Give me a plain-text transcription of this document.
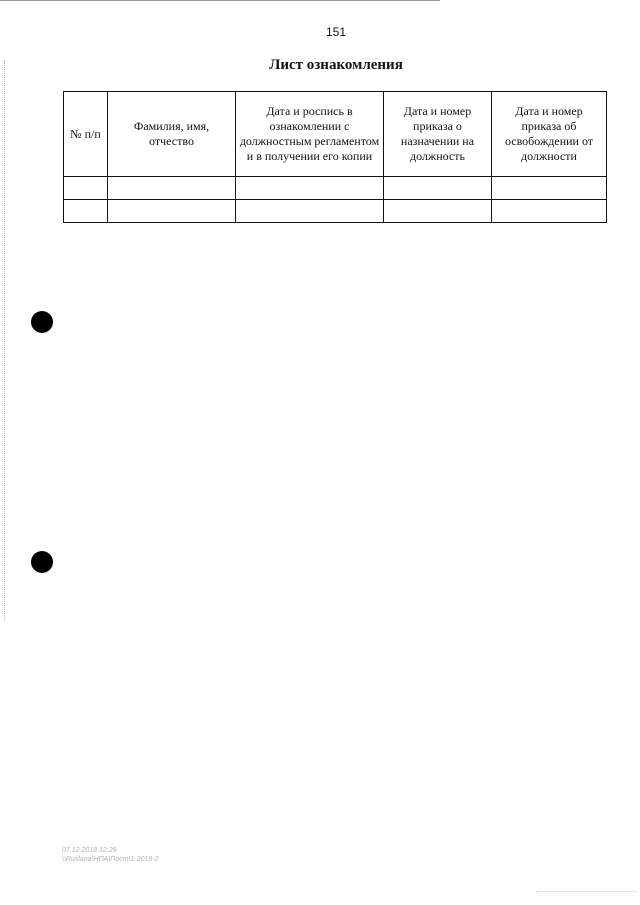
151
Лист ознакомления
№ п/п	Фамилия, имя, отчество	Дата и роспись в ознакомлении с должностным регламентом и в получении его копии	Дата и номер приказа о назначении на должность	Дата и номер приказа об освобождении от должности

07.12.2018 12:29
\\Ruslana\НПА\Пост\1-2018-2
